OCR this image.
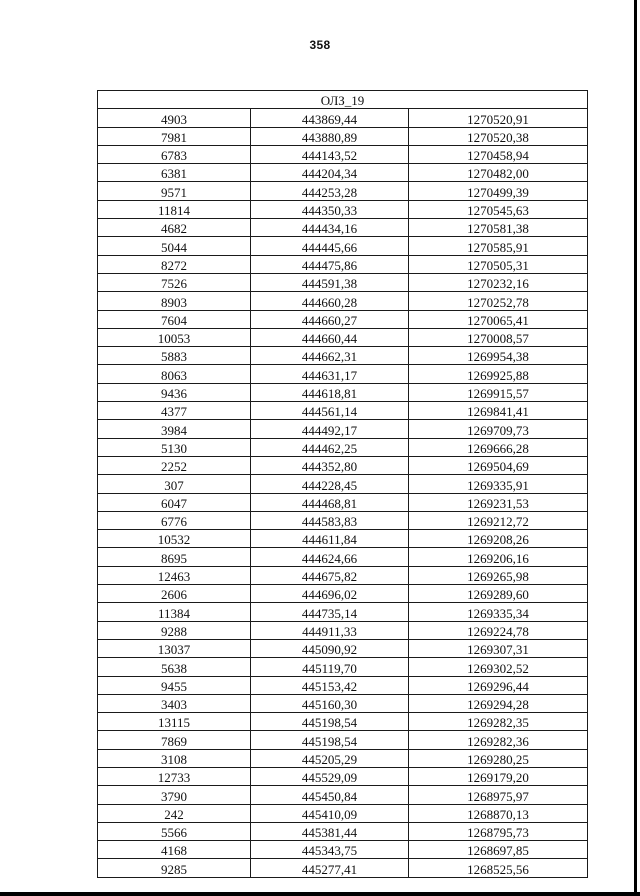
358
ОЛЗ_19		
4903	443869,44	1270520,91
7981	443880,89	1270520,38
6783	444143,52	1270458,94
6381	444204,34	1270482,00
9571	444253,28	1270499,39
11814	444350,33	1270545,63
4682	444434,16	1270581,38
5044	444445,66	1270585,91
8272	444475,86	1270505,31
7526	444591,38	1270232,16
8903	444660,28	1270252,78
7604	444660,27	1270065,41
10053	444660,44	1270008,57
5883	444662,31	1269954,38
8063	444631,17	1269925,88
9436	444618,81	1269915,57
4377	444561,14	1269841,41
3984	444492,17	1269709,73
5130	444462,25	1269666,28
2252	444352,80	1269504,69
307	444228,45	1269335,91
6047	444468,81	1269231,53
6776	444583,83	1269212,72
10532	444611,84	1269208,26
8695	444624,66	1269206,16
12463	444675,82	1269265,98
2606	444696,02	1269289,60
11384	444735,14	1269335,34
9288	444911,33	1269224,78
13037	445090,92	1269307,31
5638	445119,70	1269302,52
9455	445153,42	1269296,44
3403	445160,30	1269294,28
13115	445198,54	1269282,35
7869	445198,54	1269282,36
3108	445205,29	1269280,25
12733	445529,09	1269179,20
3790	445450,84	1268975,97
242	445410,09	1268870,13
5566	445381,44	1268795,73
4168	445343,75	1268697,85
9285	445277,41	1268525,56
